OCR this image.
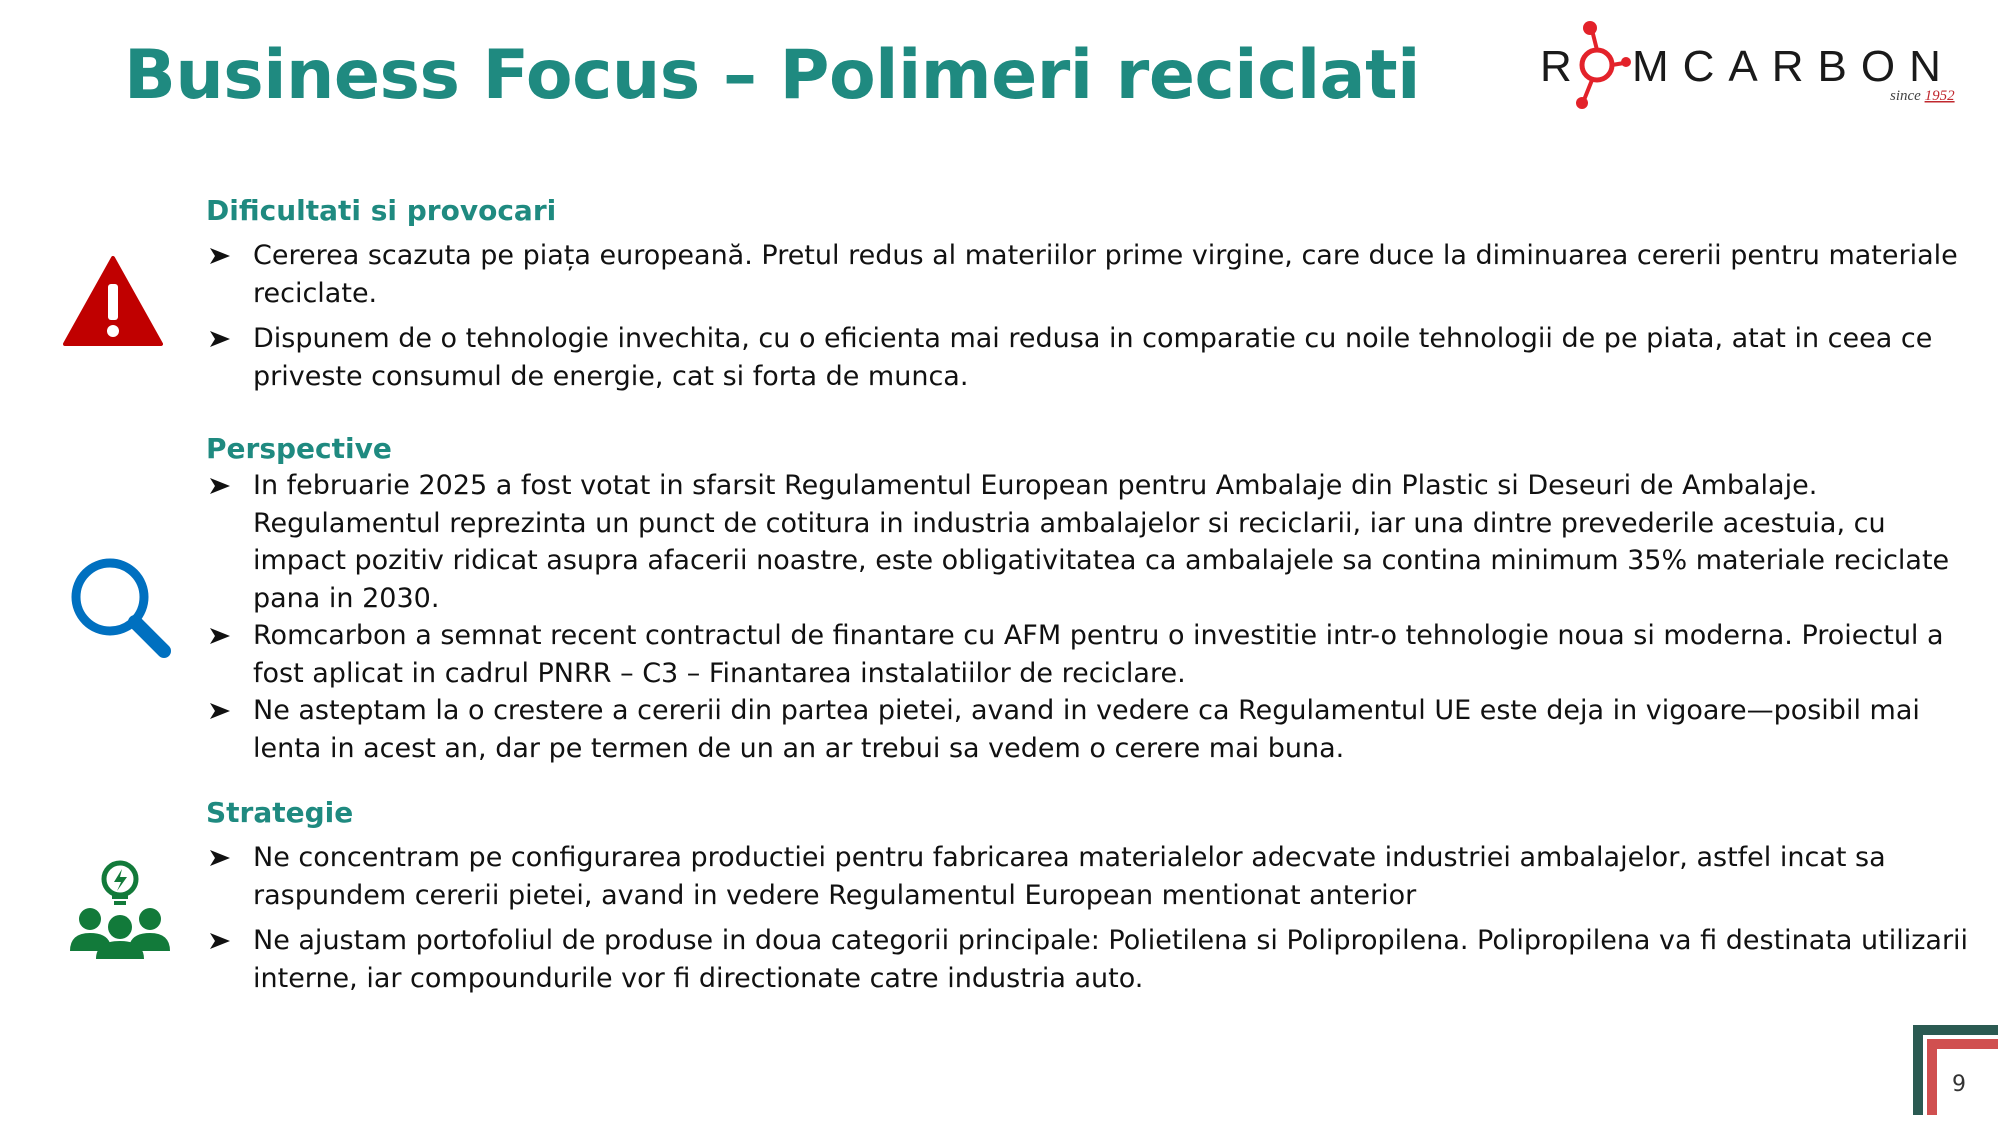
Business Focus – Polimeri reciclati	R MCARBON
since 1952
Dificultati si provocari
Cererea scazuta pe piața europeană. Pretul redus al materiilor prime virgine, care duce la diminuarea cererii pentru materiale reciclate.
Dispunem de o tehnologie invechita, cu o eficienta mai redusa in comparatie cu noile tehnologii de pe piata, atat in ceea ce priveste consumul de energie, cat si forta de munca.
Perspective
In februarie 2025 a fost votat in sfarsit Regulamentul European pentru Ambalaje din Plastic si Deseuri de Ambalaje. Regulamentul reprezinta un punct de cotitura in industria ambalajelor si reciclarii, iar una dintre prevederile acestuia, cu impact pozitiv ridicat asupra afacerii noastre, este obligativitatea ca ambalajele sa contina minimum 35% materiale reciclate pana in 2030.
Romcarbon a semnat recent contractul de finantare cu AFM pentru o investitie intr-o tehnologie noua si moderna. Proiectul a fost aplicat in cadrul PNRR – C3 – Finantarea instalatiilor de reciclare.
Ne asteptam la o crestere a cererii din partea pietei, avand in vedere ca Regulamentul UE este deja in vigoare—posibil mai lenta in acest an, dar pe termen de un an ar trebui sa vedem o cerere mai buna.
Strategie
Ne concentram pe configurarea productiei pentru fabricarea materialelor adecvate industriei ambalajelor, astfel incat sa raspundem cererii pietei, avand in vedere Regulamentul European mentionat anterior
Ne ajustam portofoliul de produse in doua categorii principale: Polietilena si Polipropilena. Polipropilena va fi destinata utilizarii interne, iar compoundurile vor fi directionate catre industria auto.
9
